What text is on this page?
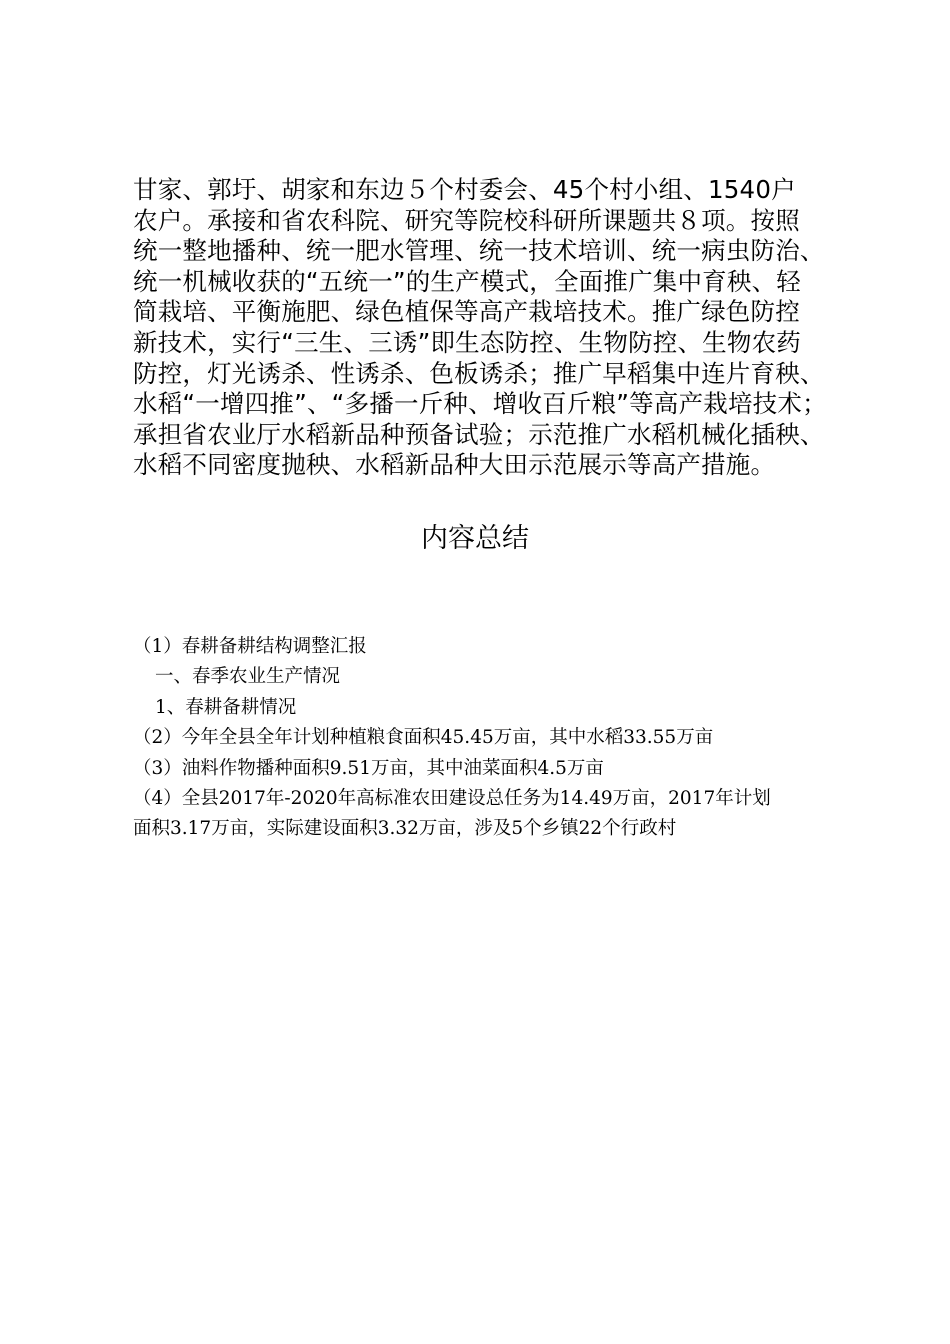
甘家、郭圩、胡家和东边５个村委会、45个村小组、1540户
农户。承接和省农科院、研究等院校科研所课题共８项。按照
统一整地播种、统一肥水管理、统一技术培训、统一病虫防治、
统一机械收获的“五统一”的生产模式，全面推广集中育秧、轻
简栽培、平衡施肥、绿色植保等高产栽培技术。推广绿色防控
新技术，实行“三生、三诱”即生态防控、生物防控、生物农药
防控，灯光诱杀、性诱杀、色板诱杀；推广早稻集中连片育秧、
水稻“一增四推”、“多播一斤种、增收百斤粮”等高产栽培技术；
承担省农业厅水稻新品种预备试验；示范推广水稻机械化插秧、
水稻不同密度抛秧、水稻新品种大田示范展示等高产措施。

内容总结
（1）春耕备耕结构调整汇报
一、春季农业生产情况
1、春耕备耕情况
（2）今年全县全年计划种植粮食面积45.45万亩，其中水稻33.55万亩
（3）油料作物播种面积9.51万亩，其中油菜面积4.5万亩
（4）全县2017年-2020年高标准农田建设总任务为14.49万亩，2017年计划
面积3.17万亩，实际建设面积3.32万亩，涉及5个乡镇22个行政村
